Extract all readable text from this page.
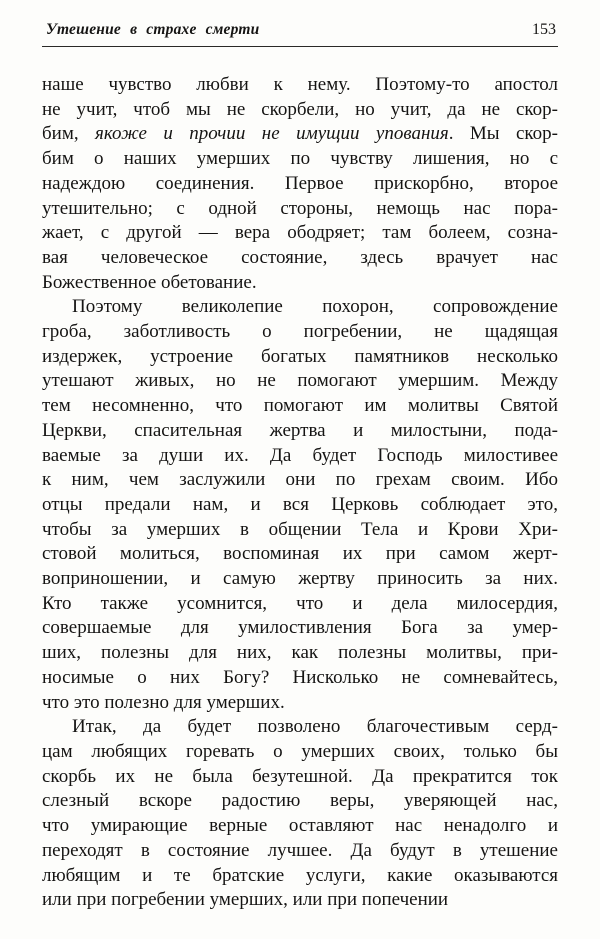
Утешение в страхе смерти	153
наше чувство любви к нему. Поэтому-то апостол
не учит, чтоб мы не скорбели, но учит, да не скор-
бим, якоже и прочии не имущии упования. Мы скор-
бим о наших умерших по чувству лишения, но с
надеждою соединения. Первое прискорбно, второе
утешительно; с одной стороны, немощь нас пора-
жает, с другой — вера ободряет; там болеем, созна-
вая человеческое состояние, здесь врачует нас
Божественное обетование.
Поэтому великолепие похорон, сопровождение
гроба, заботливость о погребении, не щадящая
издержек, устроение богатых памятников несколько
утешают живых, но не помогают умершим. Между
тем несомненно, что помогают им молитвы Святой
Церкви, спасительная жертва и милостыни, пода-
ваемые за души их. Да будет Господь милостивее
к ним, чем заслужили они по грехам своим. Ибо
отцы предали нам, и вся Церковь соблюдает это,
чтобы за умерших в общении Тела и Крови Хри-
стовой молиться, воспоминая их при самом жерт-
воприношении, и самую жертву приносить за них.
Кто также усомнится, что и дела милосердия,
совершаемые для умилостивления Бога за умер-
ших, полезны для них, как полезны молитвы, при-
носимые о них Богу? Нисколько не сомневайтесь,
что это полезно для умерших.
Итак, да будет позволено благочестивым серд-
цам любящих горевать о умерших своих, только бы
скорбь их не была безутешной. Да прекратится ток
слезный вскоре радостию веры, уверяющей нас,
что умирающие верные оставляют нас ненадолго и
переходят в состояние лучшее. Да будут в утешение
любящим и те братские услуги, какие оказываются
или при погребении умерших, или при попечении
